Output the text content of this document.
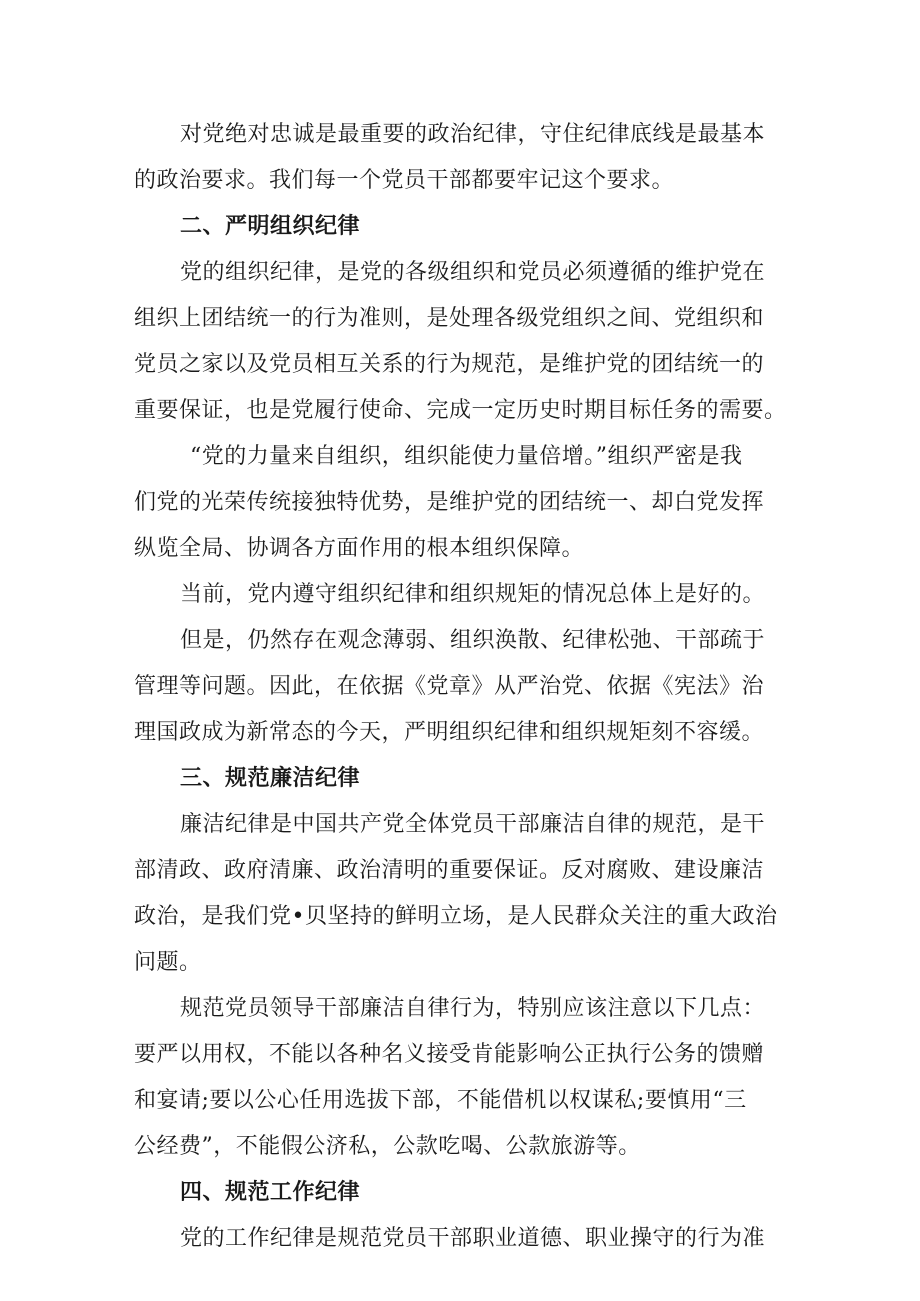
对党绝对忠诚是最重要的政治纪律，守住纪律底线是最基本
的政治要求。我们每一个党员干部都要牢记这个要求。
二、严明组织纪律
党的组织纪律，是党的各级组织和党员必须遵循的维护党在
组织上团结统一的行为准则，是处理各级党组织之间、党组织和
党员之家以及党员相互关系的行为规范，是维护党的团结统一的
重要保证，也是党履行使命、完成一定历史时期目标任务的需要。
“党的力量来自组织，组织能使力量倍增。”组织严密是我
们党的光荣传统接独特优势，是维护党的团结统一、却白党发挥
纵览全局、协调各方面作用的根本组织保障。
当前，党内遵守组织纪律和组织规矩的情况总体上是好的。
但是，仍然存在观念薄弱、组织涣散、纪律松弛、干部疏于
管理等问题。因此，在依据《党章》从严治党、依据《宪法》治
理国政成为新常态的今天，严明组织纪律和组织规矩刻不容缓。
三、规范廉洁纪律
廉洁纪律是中国共产党全体党员干部廉洁自律的规范，是干
部清政、政府清廉、政治清明的重要保证。反对腐败、建设廉洁
政治，是我们党•贝坚持的鲜明立场，是人民群众关注的重大政治
问题。
规范党员领导干部廉洁自律行为，特别应该注意以下几点：
要严以用权，不能以各种名义接受肯能影响公正执行公务的馈赠
和宴请;要以公心任用选拔下部，不能借机以权谋私;要慎用“三
公经费”，不能假公济私，公款吃喝、公款旅游等。
四、规范工作纪律
党的工作纪律是规范党员干部职业道德、职业操守的行为准
